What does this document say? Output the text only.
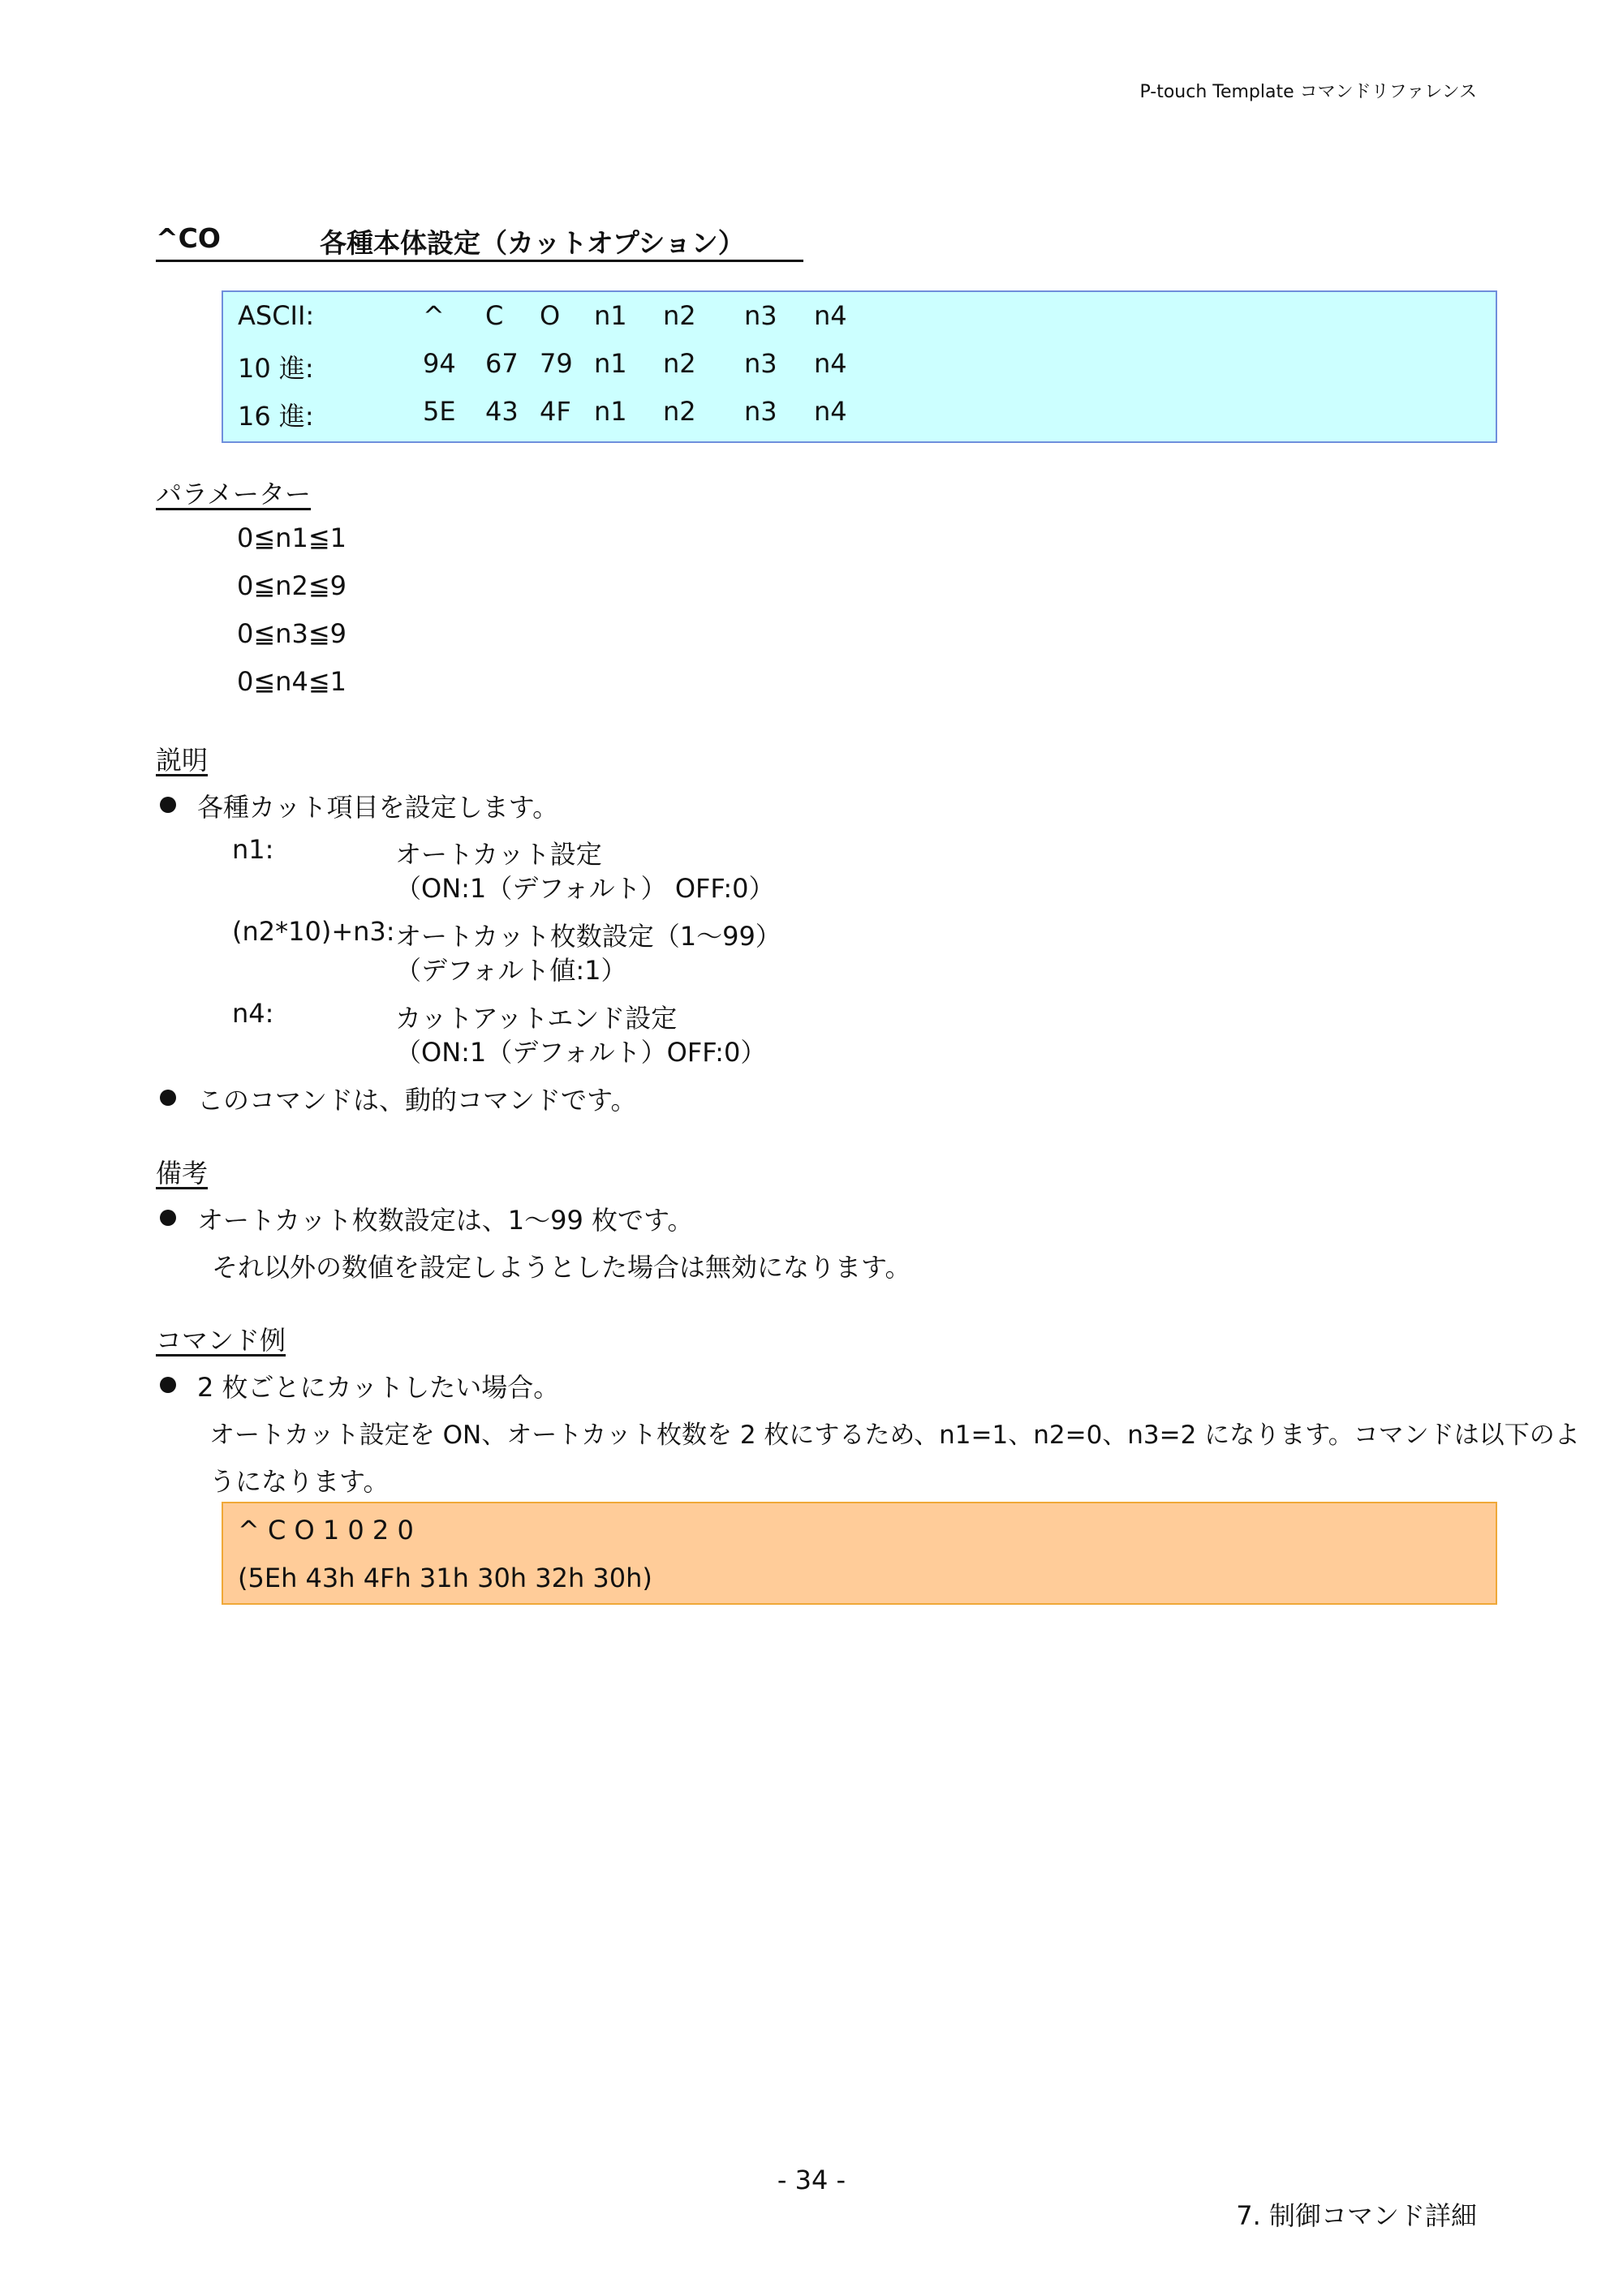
P-touch Template コマンドリファレンス
^CO	各種本体設定（カットオプション）
ASCII:	^ C O n1 n2 n3 n4
10 進:	94 67 79 n1 n2 n3 n4
16 進:	5E 43 4F n1 n2 n3 n4
パラメーター
0≦n1≦1
0≦n2≦9
0≦n3≦9
0≦n4≦1
説明
各種カット項目を設定します。
n1:	オートカット設定
（ON:1（デフォルト） OFF:0）
(n2*10)+n3: オートカット枚数設定（1〜99）
（デフォルト値:1）
n4:	カットアットエンド設定
（ON:1（デフォルト）OFF:0）
このコマンドは、動的コマンドです。
備考
オートカット枚数設定は、1〜99 枚です。
それ以外の数値を設定しようとした場合は無効になります。
コマンド例
2 枚ごとにカットしたい場合。
オートカット設定を ON、オートカット枚数を 2 枚にするため、n1=1、n2=0、n3=2 になります。コマンドは以下のよ
うになります。
^ C O 1 0 2 0
(5Eh 43h 4Fh 31h 30h 32h 30h)
- 34 -
7. 制御コマンド詳細
